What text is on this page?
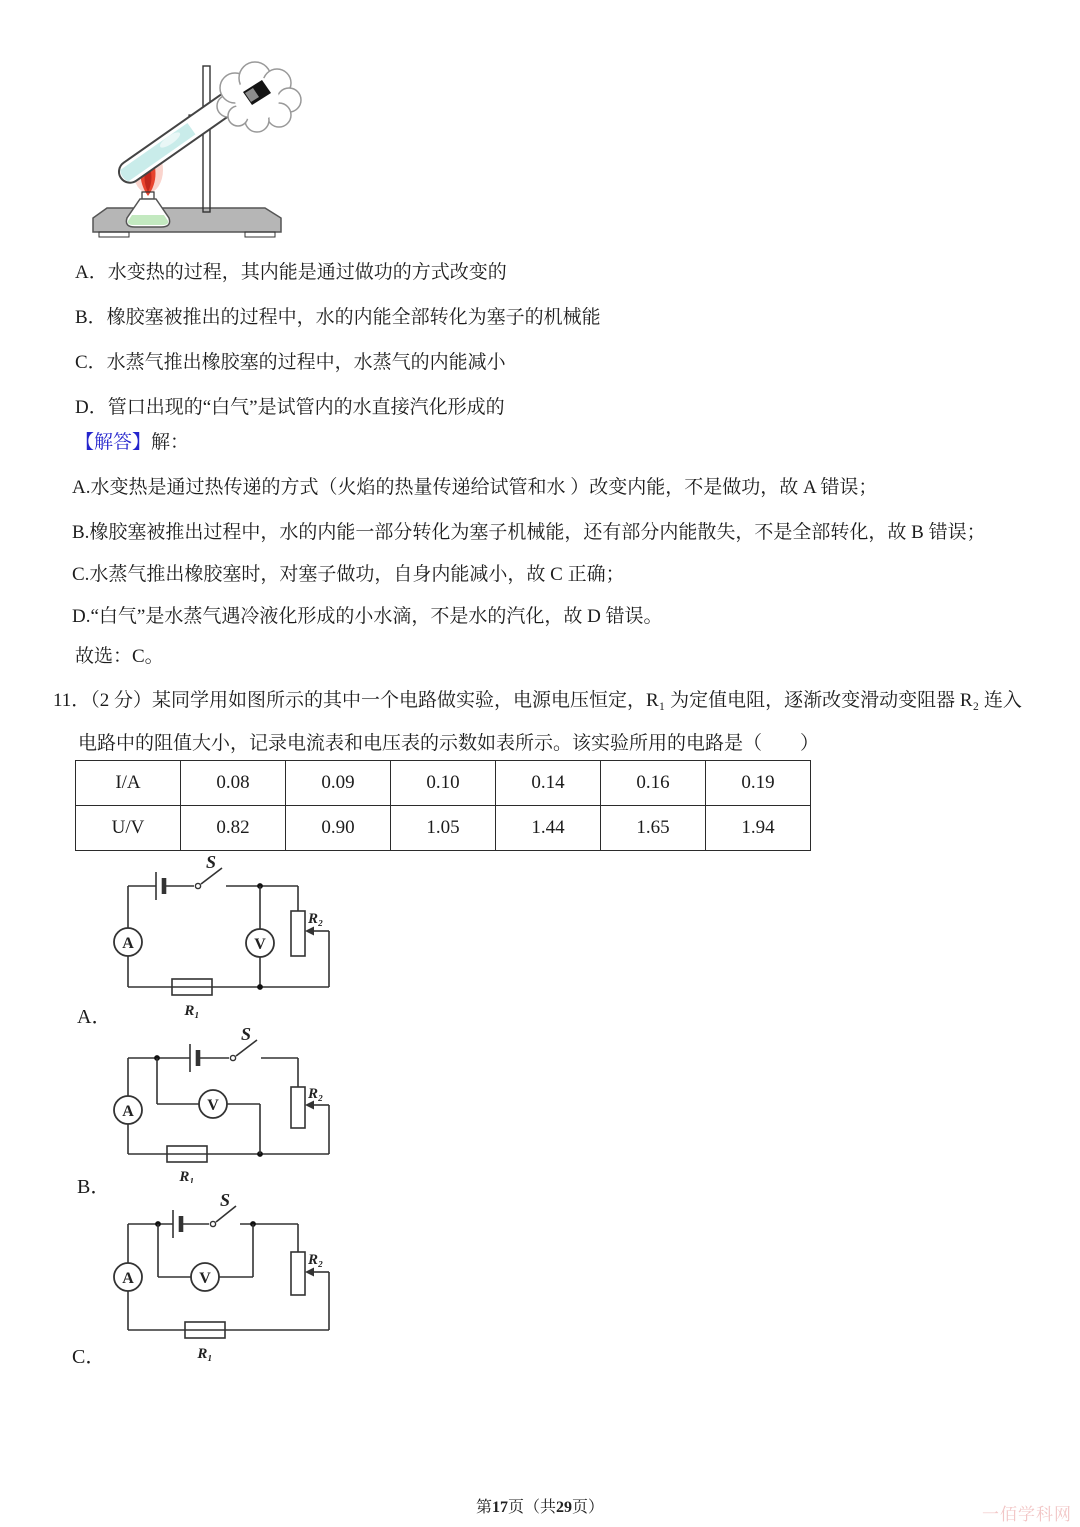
A．水变热的过程，其内能是通过做功的方式改变的
B．橡胶塞被推出的过程中，水的内能全部转化为塞子的机械能
C．水蒸气推出橡胶塞的过程中，水蒸气的内能减小
D．管口出现的“白气”是试管内的水直接汽化形成的
【解答】解：
A.水变热是通过热传递的方式（火焰的热量传递给试管和水 ）改变内能，不是做功，故 A 错误；
B.橡胶塞被推出过程中，水的内能一部分转化为塞子机械能，还有部分内能散失，不是全部转化，故 B 错误；
C.水蒸气推出橡胶塞时，对塞子做功，自身内能减小，故 C 正确；
D.“白气”是水蒸气遇冷液化形成的小水滴，不是水的汽化，故 D 错误。
故选：C。
11．（2 分）某同学用如图所示的其中一个电路做实验，电源电压恒定，R₁ 为定值电阻，逐渐改变滑动变阻器 R₂ 连入
电路中的阻值大小，记录电流表和电压表的示数如表所示。该实验所用的电路是（　　）
I/A	0.08	0.09	0.10	0.14	0.16	0.19
U/V	0.82	0.90	1.05	1.44	1.65	1.94
S
R₂
A	V
R₁
A．
S
R₂
A	V
R₁
B．
S
R₂
A	V
R₁
C．
第17页（共29页）	一佰学科网
